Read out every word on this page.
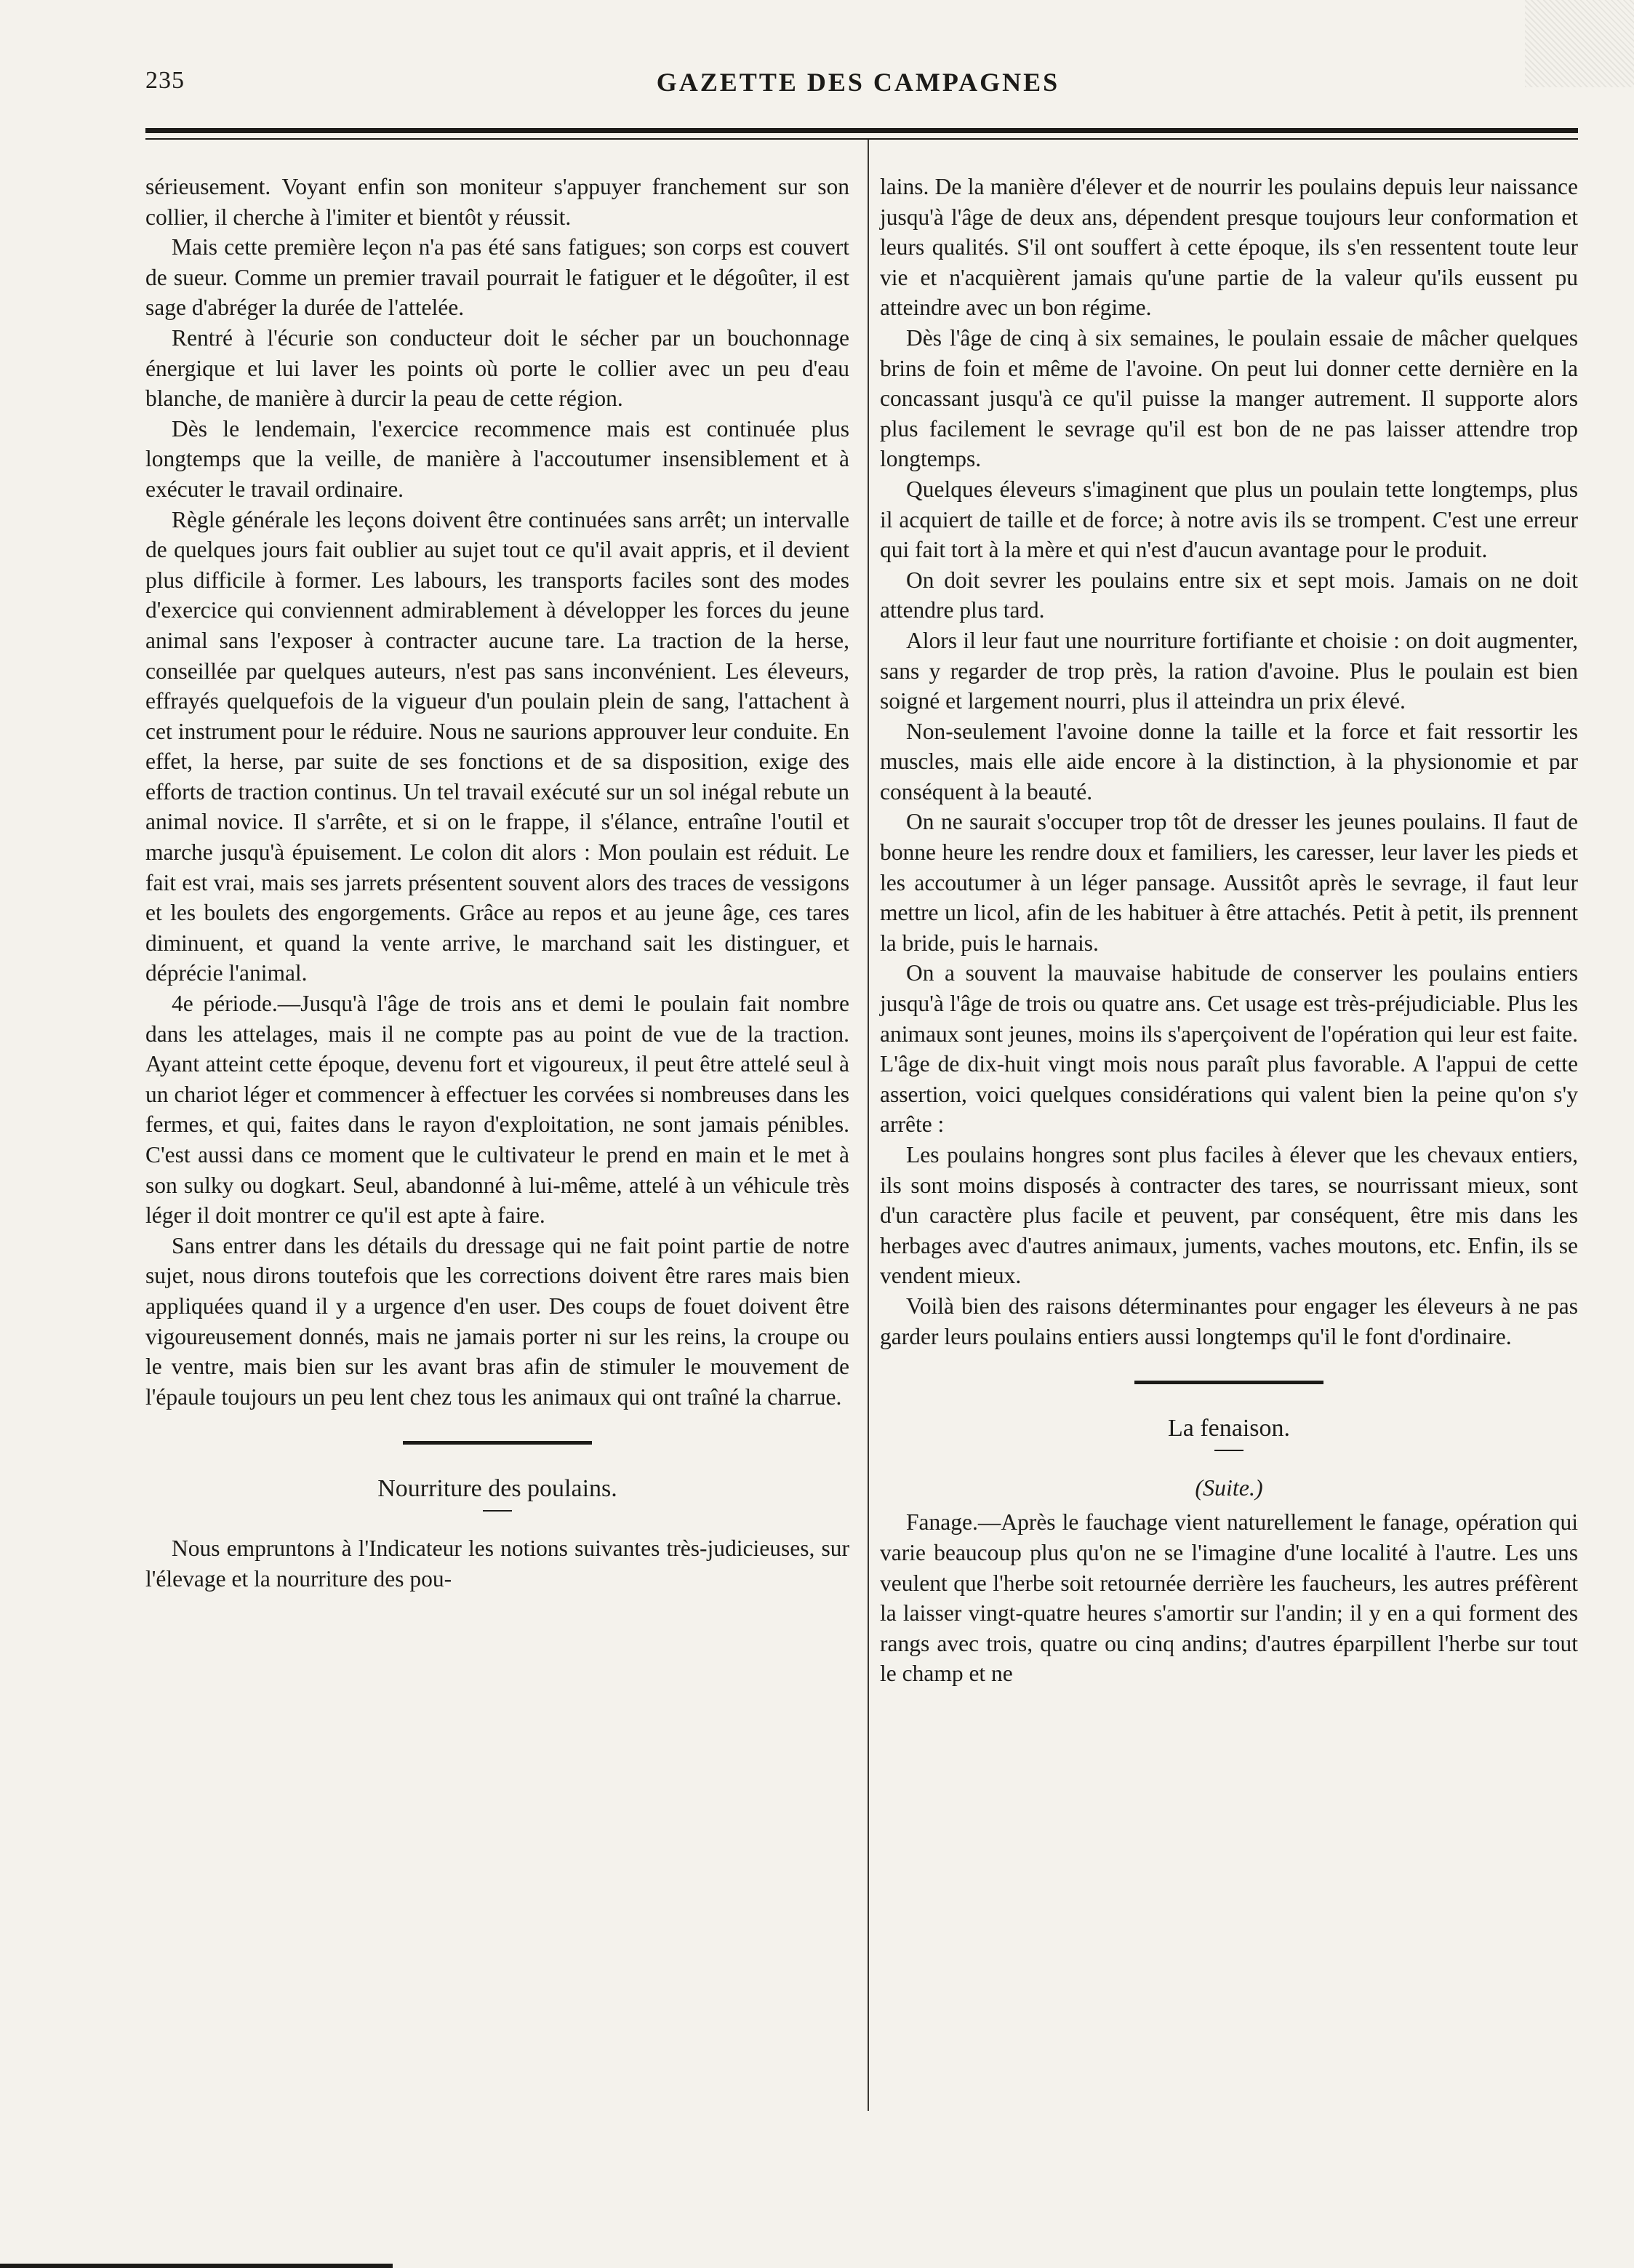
235	GAZETTE DES CAMPAGNES

sérieusement. Voyant enfin son moniteur s'appuyer franchement sur son collier, il cherche à l'imiter et bientôt y réussit.

Mais cette première leçon n'a pas été sans fatigues; son corps est couvert de sueur. Comme un premier travail pourrait le fatiguer et le dégoûter, il est sage d'abréger la durée de l'attelée.

Rentré à l'écurie son conducteur doit le sécher par un bouchonnage énergique et lui laver les points où porte le collier avec un peu d'eau blanche, de manière à durcir la peau de cette région.

Dès le lendemain, l'exercice recommence mais est continuée plus longtemps que la veille, de manière à l'accoutumer insensiblement et à exécuter le travail ordinaire.

Règle générale les leçons doivent être continuées sans arrêt; un intervalle de quelques jours fait oublier au sujet tout ce qu'il avait appris, et il devient plus difficile à former. Les labours, les transports faciles sont des modes d'exercice qui conviennent admirablement à développer les forces du jeune animal sans l'exposer à contracter aucune tare. La traction de la herse, conseillée par quelques auteurs, n'est pas sans inconvénient. Les éleveurs, effrayés quelquefois de la vigueur d'un poulain plein de sang, l'attachent à cet instrument pour le réduire. Nous ne saurions approuver leur conduite. En effet, la herse, par suite de ses fonctions et de sa disposition, exige des efforts de traction continus. Un tel travail exécuté sur un sol inégal rebute un animal novice. Il s'arrête, et si on le frappe, il s'élance, entraîne l'outil et marche jusqu'à épuisement. Le colon dit alors : Mon poulain est réduit. Le fait est vrai, mais ses jarrets présentent souvent alors des traces de vessigons et les boulets des engorgements. Grâce au repos et au jeune âge, ces tares diminuent, et quand la vente arrive, le marchand sait les distinguer, et déprécie l'animal.

4e période.—Jusqu'à l'âge de trois ans et demi le poulain fait nombre dans les attelages, mais il ne compte pas au point de vue de la traction. Ayant atteint cette époque, devenu fort et vigoureux, il peut être attelé seul à un chariot léger et commencer à effectuer les corvées si nombreuses dans les fermes, et qui, faites dans le rayon d'exploitation, ne sont jamais pénibles. C'est aussi dans ce moment que le cultivateur le prend en main et le met à son sulky ou dogkart. Seul, abandonné à lui-même, attelé à un véhicule très léger il doit montrer ce qu'il est apte à faire.

Sans entrer dans les détails du dressage qui ne fait point partie de notre sujet, nous dirons toutefois que les corrections doivent être rares mais bien appliquées quand il y a urgence d'en user. Des coups de fouet doivent être vigoureusement donnés, mais ne jamais porter ni sur les reins, la croupe ou le ventre, mais bien sur les avant bras afin de stimuler le mouvement de l'épaule toujours un peu lent chez tous les animaux qui ont traîné la charrue.

Nourriture des poulains.

Nous empruntons à l'Indicateur les notions suivantes très-judicieuses, sur l'élevage et la nourriture des pou-

lains. De la manière d'élever et de nourrir les poulains depuis leur naissance jusqu'à l'âge de deux ans, dépendent presque toujours leur conformation et leurs qualités. S'il ont souffert à cette époque, ils s'en ressentent toute leur vie et n'acquièrent jamais qu'une partie de la valeur qu'ils eussent pu atteindre avec un bon régime.

Dès l'âge de cinq à six semaines, le poulain essaie de mâcher quelques brins de foin et même de l'avoine. On peut lui donner cette dernière en la concassant jusqu'à ce qu'il puisse la manger autrement. Il supporte alors plus facilement le sevrage qu'il est bon de ne pas laisser attendre trop longtemps.

Quelques éleveurs s'imaginent que plus un poulain tette longtemps, plus il acquiert de taille et de force; à notre avis ils se trompent. C'est une erreur qui fait tort à la mère et qui n'est d'aucun avantage pour le produit.

On doit sevrer les poulains entre six et sept mois. Jamais on ne doit attendre plus tard.

Alors il leur faut une nourriture fortifiante et choisie : on doit augmenter, sans y regarder de trop près, la ration d'avoine. Plus le poulain est bien soigné et largement nourri, plus il atteindra un prix élevé.

Non-seulement l'avoine donne la taille et la force et fait ressortir les muscles, mais elle aide encore à la distinction, à la physionomie et par conséquent à la beauté.

On ne saurait s'occuper trop tôt de dresser les jeunes poulains. Il faut de bonne heure les rendre doux et familiers, les caresser, leur laver les pieds et les accoutumer à un léger pansage. Aussitôt après le sevrage, il faut leur mettre un licol, afin de les habituer à être attachés. Petit à petit, ils prennent la bride, puis le harnais.

On a souvent la mauvaise habitude de conserver les poulains entiers jusqu'à l'âge de trois ou quatre ans. Cet usage est très-préjudiciable. Plus les animaux sont jeunes, moins ils s'aperçoivent de l'opération qui leur est faite. L'âge de dix-huit vingt mois nous paraît plus favorable. A l'appui de cette assertion, voici quelques considérations qui valent bien la peine qu'on s'y arrête :

Les poulains hongres sont plus faciles à élever que les chevaux entiers, ils sont moins disposés à contracter des tares, se nourrissant mieux, sont d'un caractère plus facile et peuvent, par conséquent, être mis dans les herbages avec d'autres animaux, juments, vaches moutons, etc. Enfin, ils se vendent mieux.

Voilà bien des raisons déterminantes pour engager les éleveurs à ne pas garder leurs poulains entiers aussi longtemps qu'il le font d'ordinaire.

La fenaison.
(Suite.)

Fanage.—Après le fauchage vient naturellement le fanage, opération qui varie beaucoup plus qu'on ne se l'imagine d'une localité à l'autre. Les uns veulent que l'herbe soit retournée derrière les faucheurs, les autres préfèrent la laisser vingt-quatre heures s'amortir sur l'andin; il y en a qui forment des rangs avec trois, quatre ou cinq andins; d'autres éparpillent l'herbe sur tout le champ et ne
